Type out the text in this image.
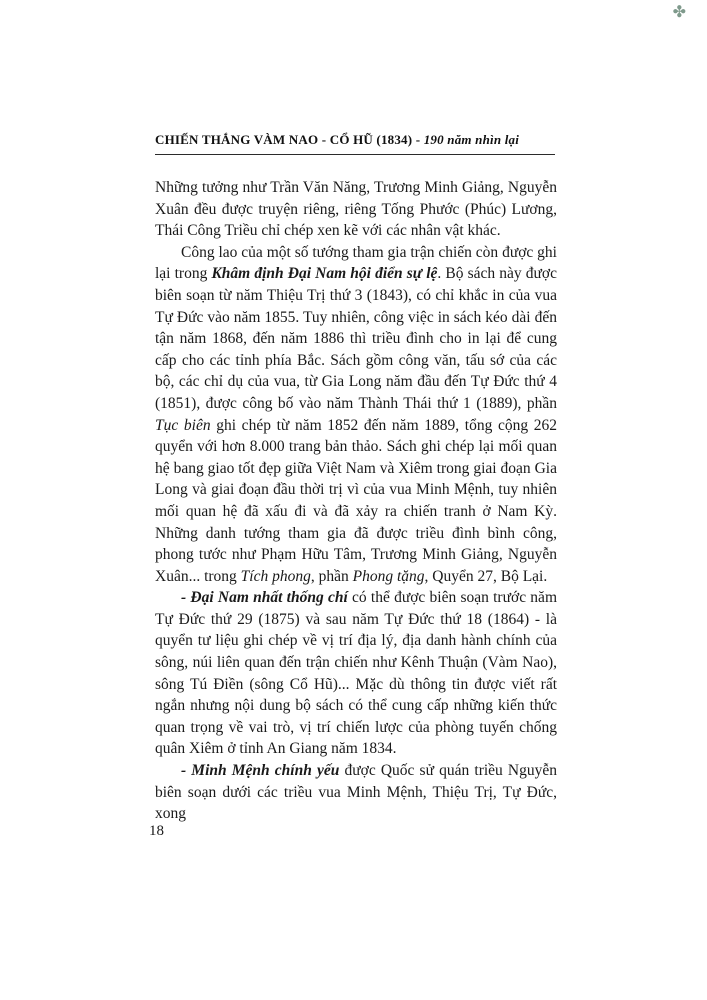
✤
CHIẾN THẮNG VÀM NAO - CỔ HŨ (1834) - 190 năm nhìn lại

Những tưởng như Trần Văn Năng, Trương Minh Giảng, Nguyễn Xuân đều được truyện riêng, riêng Tống Phước (Phúc) Lương, Thái Công Triều chỉ chép xen kẽ với các nhân vật khác.

Công lao của một số tướng tham gia trận chiến còn được ghi lại trong Khâm định Đại Nam hội điển sự lệ. Bộ sách này được biên soạn từ năm Thiệu Trị thứ 3 (1843), có chỉ khắc in của vua Tự Đức vào năm 1855. Tuy nhiên, công việc in sách kéo dài đến tận năm 1868, đến năm 1886 thì triều đình cho in lại để cung cấp cho các tỉnh phía Bắc. Sách gồm công văn, tấu sớ của các bộ, các chỉ dụ của vua, từ Gia Long năm đầu đến Tự Đức thứ 4 (1851), được công bố vào năm Thành Thái thứ 1 (1889), phần Tục biên ghi chép từ năm 1852 đến năm 1889, tổng cộng 262 quyển với hơn 8.000 trang bản thảo. Sách ghi chép lại mối quan hệ bang giao tốt đẹp giữa Việt Nam và Xiêm trong giai đoạn Gia Long và giai đoạn đầu thời trị vì của vua Minh Mệnh, tuy nhiên mối quan hệ đã xấu đi và đã xảy ra chiến tranh ở Nam Kỳ. Những danh tướng tham gia đã được triều đình bình công, phong tước như Phạm Hữu Tâm, Trương Minh Giảng, Nguyễn Xuân... trong Tích phong, phần Phong tặng, Quyển 27, Bộ Lại.

- Đại Nam nhất thống chí có thể được biên soạn trước năm Tự Đức thứ 29 (1875) và sau năm Tự Đức thứ 18 (1864) - là quyển tư liệu ghi chép về vị trí địa lý, địa danh hành chính của sông, núi liên quan đến trận chiến như Kênh Thuận (Vàm Nao), sông Tú Điền (sông Cổ Hũ)... Mặc dù thông tin được viết rất ngắn nhưng nội dung bộ sách có thể cung cấp những kiến thức quan trọng về vai trò, vị trí chiến lược của phòng tuyến chống quân Xiêm ở tỉnh An Giang năm 1834.

- Minh Mệnh chính yếu được Quốc sử quán triều Nguyễn biên soạn dưới các triều vua Minh Mệnh, Thiệu Trị, Tự Đức, xong

18
